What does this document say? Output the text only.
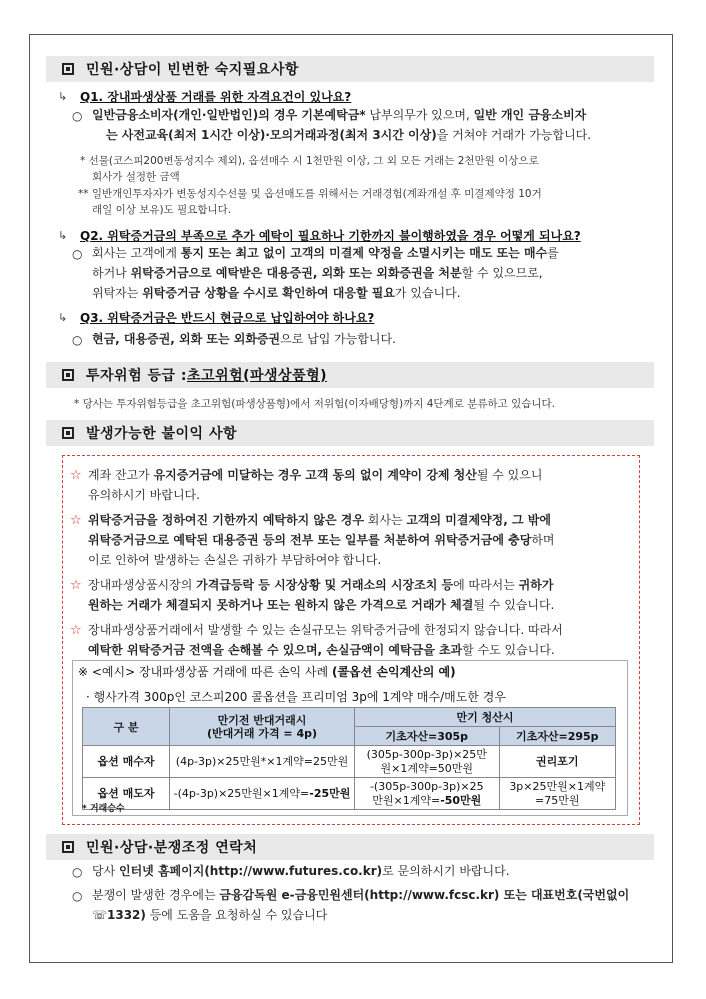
민원·상담이 빈번한 숙지필요사항
↳ Q1. 장내파생상품 거래를 위한 자격요건이 있나요?
○ 일반금융소비자(개인·일반법인)의 경우 기본예탁금* 납부의무가 있으며, 일반 개인 금융소비자
는 사전교육(최저 1시간 이상)·모의거래과정(최저 3시간 이상)을 거쳐야 거래가 가능합니다.
* 선물(코스피200변동성지수 제외), 옵션매수 시 1천만원 이상, 그 외 모든 거래는 2천만원 이상으로
회사가 설정한 금액
** 일반개인투자자가 변동성지수선물 및 옵션매도를 위해서는 거래경험(계좌개설 후 미결제약정 10거
래일 이상 보유)도 필요합니다.
↳ Q2. 위탁증거금의 부족으로 추가 예탁이 필요하나 기한까지 불이행하였을 경우 어떻게 되나요?
○ 회사는 고객에게 통지 또는 최고 없이 고객의 미결제 약정을 소멸시키는 매도 또는 매수를
하거나 위탁증거금으로 예탁받은 대용증권, 외화 또는 외화증권을 처분할 수 있으므로,
위탁자는 위탁증거금 상황을 수시로 확인하여 대응할 필요가 있습니다.
↳ Q3. 위탁증거금은 반드시 현금으로 납입하여야 하나요?
○ 현금, 대용증권, 외화 또는 외화증권으로 납입 가능합니다.
투자위험 등급 : 초고위험(파생상품형)
* 당사는 투자위험등급을 초고위험(파생상품형)에서 저위험(이자배당형)까지 4단계로 분류하고 있습니다.
발생가능한 불이익 사항
☆ 계좌 잔고가 유지증거금에 미달하는 경우 고객 동의 없이 계약이 강제 청산될 수 있으니
유의하시기 바랍니다.
☆ 위탁증거금을 정하여진 기한까지 예탁하지 않은 경우 회사는 고객의 미결제약정, 그 밖에
위탁증거금으로 예탁된 대용증권 등의 전부 또는 일부를 처분하여 위탁증거금에 충당하며
이로 인하여 발생하는 손실은 귀하가 부담하여야 합니다.
☆ 장내파생상품시장의 가격급등락 등 시장상황 및 거래소의 시장조치 등에 따라서는 귀하가
원하는 거래가 체결되지 못하거나 또는 원하지 않은 가격으로 거래가 체결될 수 있습니다.
☆ 장내파생상품거래에서 발생할 수 있는 손실규모는 위탁증거금에 한정되지 않습니다. 따라서
예탁한 위탁증거금 전액을 손해볼 수 있으며, 손실금액이 예탁금을 초과할 수도 있습니다.
※ <예시> 장내파생상품 거래에 따른 손익 사례 (콜옵션 손익계산의 예)
· 행사가격 300p인 코스피200 콜옵션을 프리미엄 3p에 1계약 매수/매도한 경우
구 분	만기전 반대거래시
(반대거래 가격 = 4p)	만기 청산시	
		기초자산=305p	기초자산=295p
옵션 매수자	(4p-3p)×25만원*×1계약=25만원	(305p-300p-3p)×25만
원×1계약=50만원	권리포기
옵션 매도자	-(4p-3p)×25만원×1계약=-25만원	-(305p-300p-3p)×25
만원×1계약=-50만원	3p×25만원×1계약
=75만원
* 거래승수
민원·상담·분쟁조정 연락처
○ 당사 인터넷 홈페이지(http://www.futures.co.kr)로 문의하시기 바랍니다.
○ 분쟁이 발생한 경우에는 금융감독원 e-금융민원센터(http://www.fcsc.kr) 또는 대표번호(국번없이
☏1332) 등에 도움을 요청하실 수 있습니다
